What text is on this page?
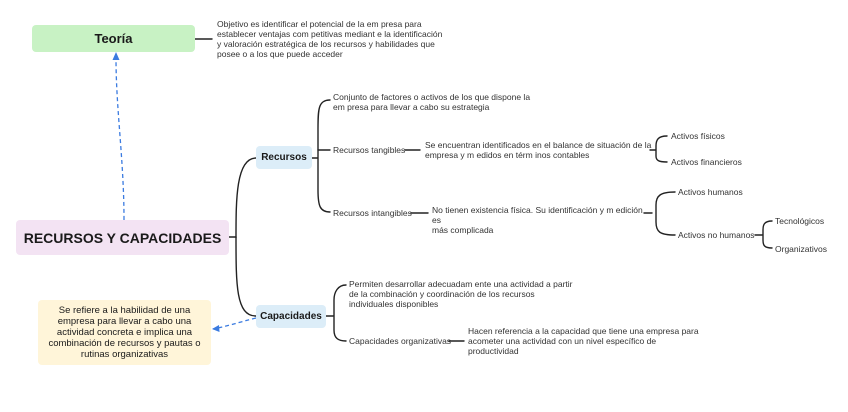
Teoría
Objetivo es identificar el potencial de la em presa para
establecer ventajas com petitivas mediant e la identificación
y valoración estratégica de los recursos y habilidades que
posee o a los que puede acceder
RECURSOS Y CAPACIDADES
Se refiere a la habilidad de una empresa para llevar a cabo una actividad concreta e implica una combinación de recursos y pautas o rutinas organizativas
Recursos
Capacidades
Conjunto de factores o activos de los que dispone la
em presa para llevar a cabo su estrategia
Recursos tangibles Se encuentran identificados en el balance de situación de la
empresa y m edidos en térm inos contables
Activos físicos
Activos financieros
Recursos intangibles No tienen existencia física. Su identificación y m edición es
más complicada
Activos humanos
Activos no humanos
Tecnológicos
Organizativos
Permiten desarrollar adecuadam ente una actividad a partir
de la combinación y coordinación de los recursos
individuales disponibles
Capacidades organizativas
Hacen referencia a la capacidad que tiene una empresa para
acometer una actividad con un nivel específico de
productividad
